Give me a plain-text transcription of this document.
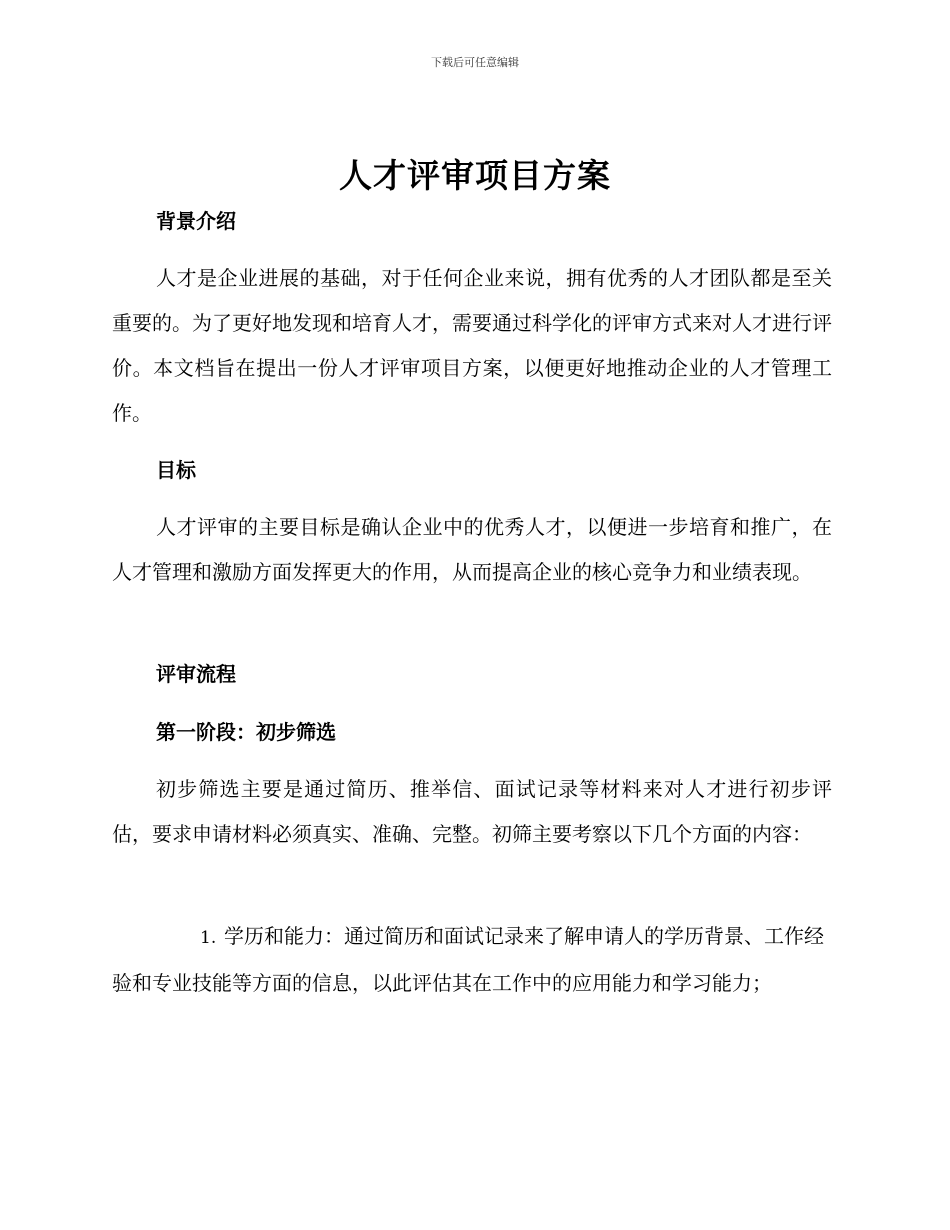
下载后可任意编辑
人才评审项目方案

背景介绍

人才是企业进展的基础，对于任何企业来说，拥有优秀的人才团队都是至关重要的。为了更好地发现和培育人才，需要通过科学化的评审方式来对人才进行评价。本文档旨在提出一份人才评审项目方案，以便更好地推动企业的人才管理工作。

目标

人才评审的主要目标是确认企业中的优秀人才，以便进一步培育和推广，在人才管理和激励方面发挥更大的作用，从而提高企业的核心竞争力和业绩表现。

评审流程

第一阶段：初步筛选

初步筛选主要是通过简历、推举信、面试记录等材料来对人才进行初步评估，要求申请材料必须真实、准确、完整。初筛主要考察以下几个方面的内容：

1. 学历和能力：通过简历和面试记录来了解申请人的学历背景、工作经验和专业技能等方面的信息，以此评估其在工作中的应用能力和学习能力；
